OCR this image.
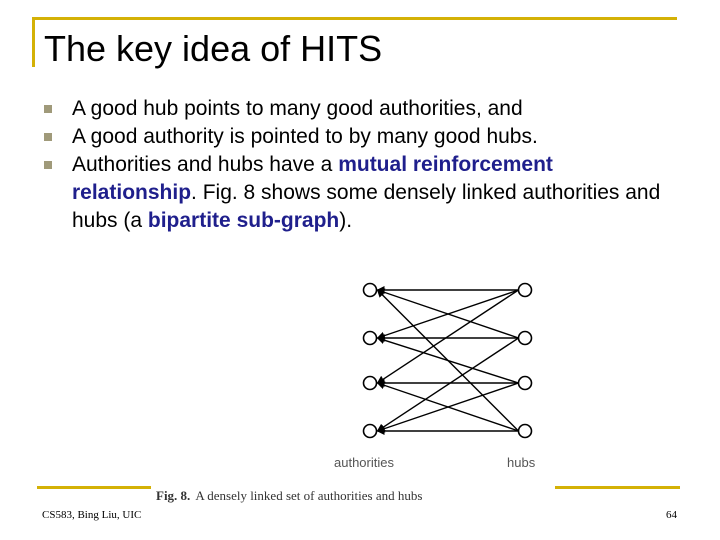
The key idea of HITS
A good hub points to many good authorities, and
A good authority is pointed to by many good hubs.
Authorities and hubs have a mutual reinforcement relationship. Fig. 8 shows some densely linked authorities and hubs (a bipartite sub-graph).
authorities	hubs
Fig. 8. A densely linked set of authorities and hubs
CS583, Bing Liu, UIC	64
